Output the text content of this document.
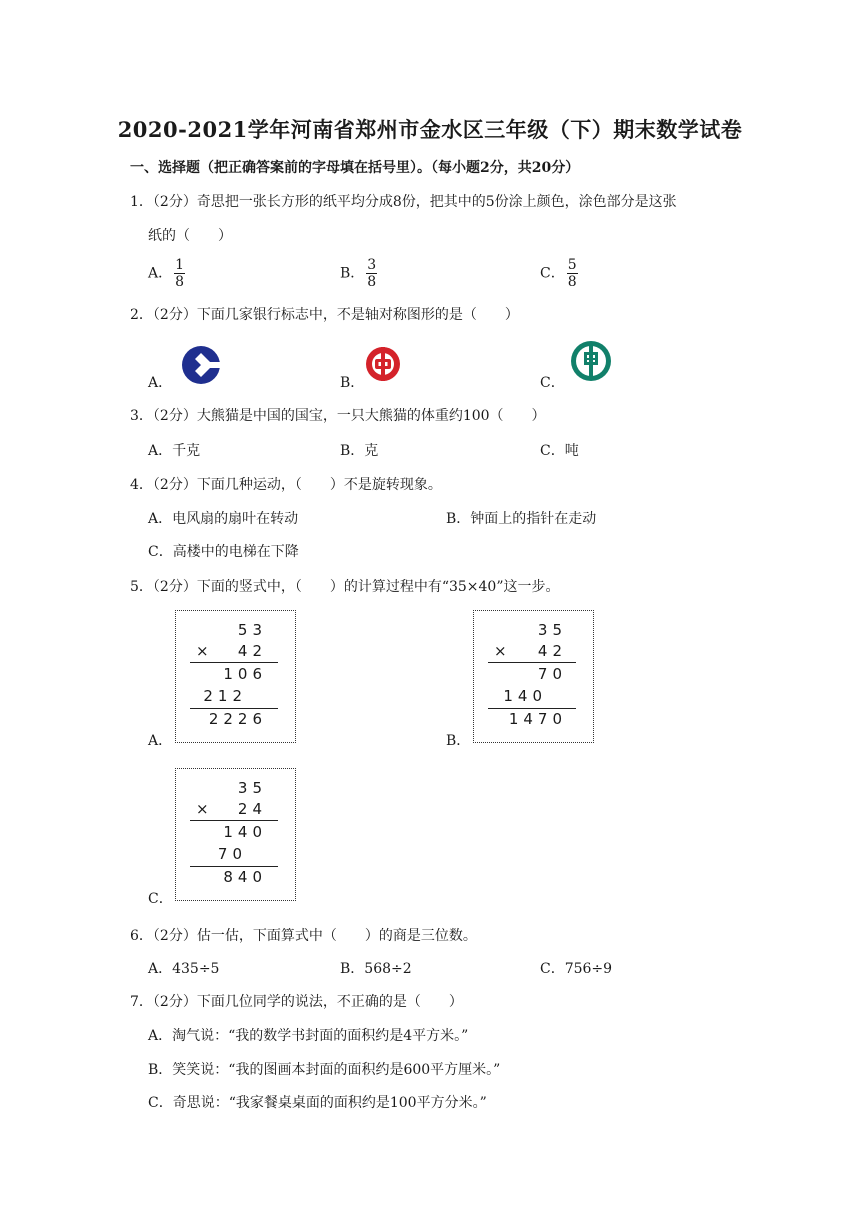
2020-2021学年河南省郑州市金水区三年级（下）期末数学试卷
一、选择题（把正确答案前的字母填在括号里）。（每小题2分，共20分）
1．（2分）奇思把一张长方形的纸平均分成8份，把其中的5份涂上颜色，涂色部分是这张
纸的（　　）
A． $\frac{1}{8}$	B． $\frac{3}{8}$	C． $\frac{5}{8}$
2．（2分）下面几家银行标志中，不是轴对称图形的是（　　）
A．	B．	C．
3．（2分）大熊猫是中国的国宝，一只大熊猫的体重约100（　　）
A．千克	B．克	C．吨
4．（2分）下面几种运动，（　　）不是旋转现象。
A．电风扇的扇叶在转动	B．钟面上的指针在走动
C．高楼中的电梯在下降
5．（2分）下面的竖式中，（　　）的计算过程中有“35×40”这一步。
A．
53
× 42
106
212
2226
B．
35
× 42
70
140
1470
C．
35
× 24
140
70
840
6．（2分）估一估，下面算式中（　　）的商是三位数。
A．435÷5	B．568÷2	C．756÷9
7．（2分）下面几位同学的说法，不正确的是（　　）
A．淘气说：“我的数学书封面的面积约是4平方米。”
B．笑笑说：“我的图画本封面的面积约是600平方厘米。”
C．奇思说：“我家餐桌桌面的面积约是100平方分米。”
